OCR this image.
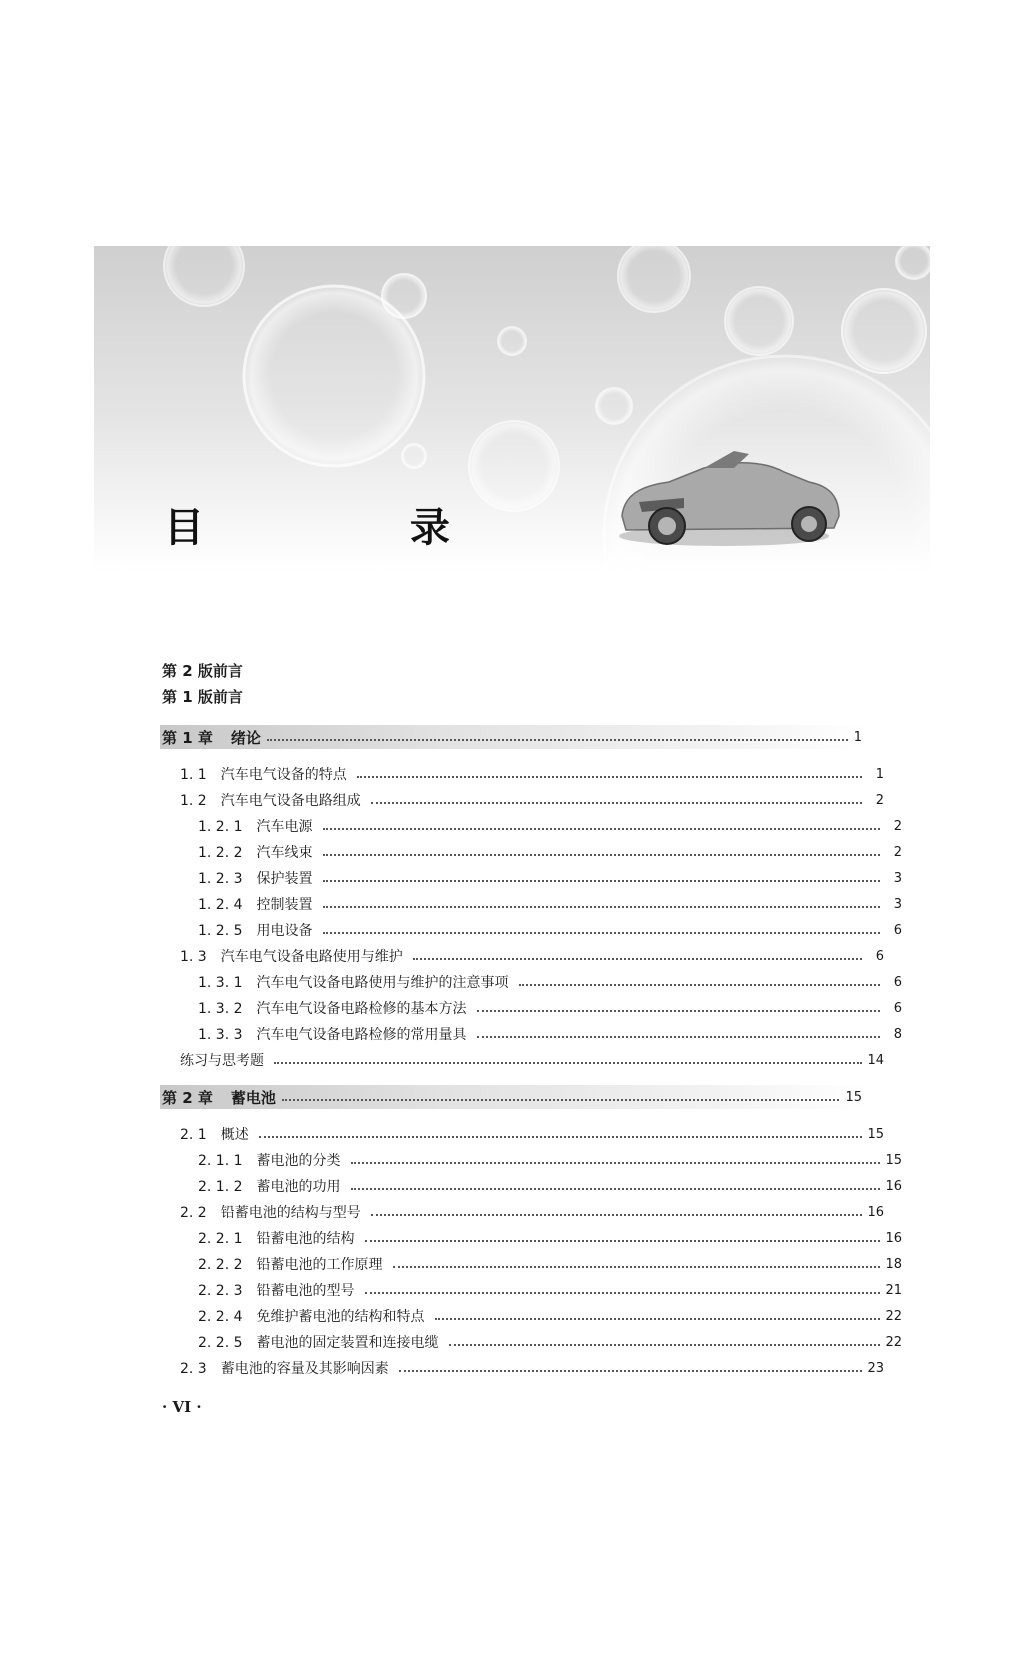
目 录
第 2 版前言
第 1 版前言
第 1 章 绪论	1
1. 1 汽车电气设备的特点	1
1. 2 汽车电气设备电路组成	2
1. 2. 1 汽车电源	2
1. 2. 2 汽车线束	2
1. 2. 3 保护装置	3
1. 2. 4 控制装置	3
1. 2. 5 用电设备	6
1. 3 汽车电气设备电路使用与维护	6
1. 3. 1 汽车电气设备电路使用与维护的注意事项	6
1. 3. 2 汽车电气设备电路检修的基本方法	6
1. 3. 3 汽车电气设备电路检修的常用量具	8
练习与思考题	14
第 2 章 蓄电池	15
2. 1 概述	15
2. 1. 1 蓄电池的分类	15
2. 1. 2 蓄电池的功用	16
2. 2 铅蓄电池的结构与型号	16
2. 2. 1 铅蓄电池的结构	16
2. 2. 2 铅蓄电池的工作原理	18
2. 2. 3 铅蓄电池的型号	21
2. 2. 4 免维护蓄电池的结构和特点	22
2. 2. 5 蓄电池的固定装置和连接电缆	22
2. 3 蓄电池的容量及其影响因素	23
· VI ·
